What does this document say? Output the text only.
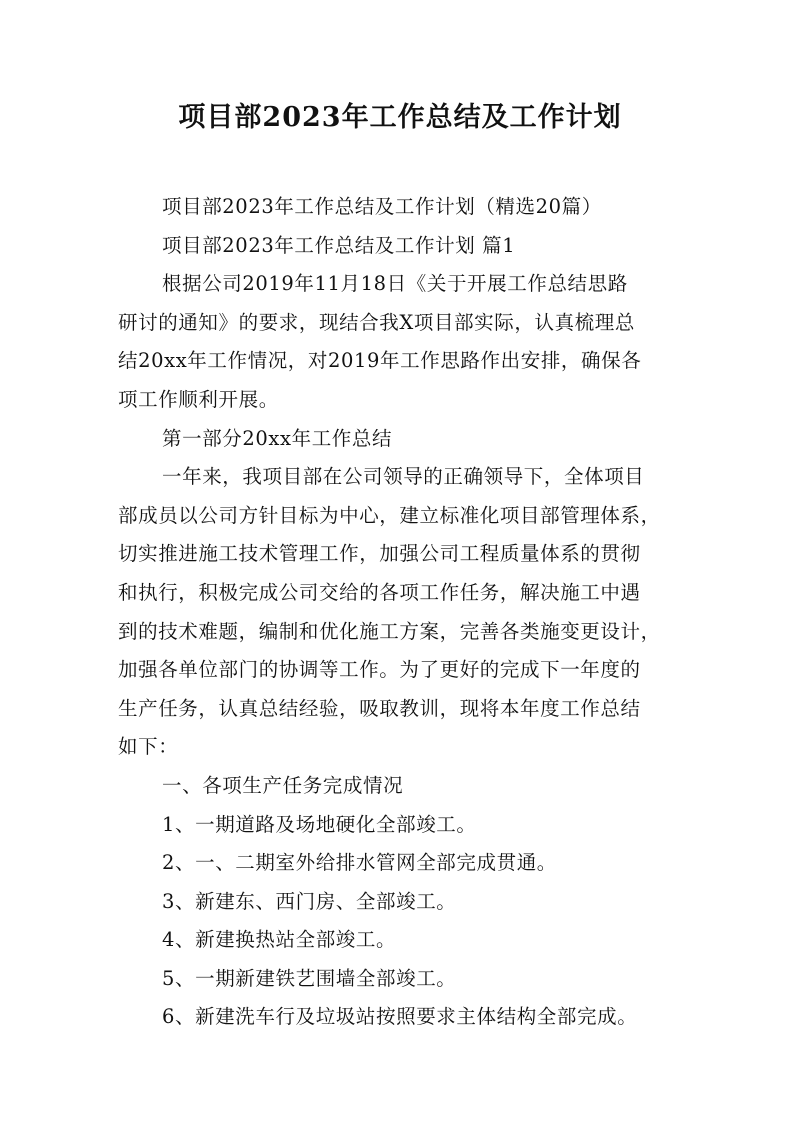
项目部2023年工作总结及工作计划
项目部2023年工作总结及工作计划（精选20篇）
项目部2023年工作总结及工作计划 篇1
根据公司2019年11月18日《关于开展工作总结思路
研讨的通知》的要求，现结合我X项目部实际，认真梳理总
结20xx年工作情况，对2019年工作思路作出安排，确保各
项工作顺利开展。
第一部分20xx年工作总结
一年来，我项目部在公司领导的正确领导下，全体项目
部成员以公司方针目标为中心，建立标准化项目部管理体系，
切实推进施工技术管理工作，加强公司工程质量体系的贯彻
和执行，积极完成公司交给的各项工作任务，解决施工中遇
到的技术难题，编制和优化施工方案，完善各类施变更设计，
加强各单位部门的协调等工作。为了更好的完成下一年度的
生产任务，认真总结经验，吸取教训，现将本年度工作总结
如下：
一、各项生产任务完成情况
1、一期道路及场地硬化全部竣工。
2、一、二期室外给排水管网全部完成贯通。
3、新建东、西门房、全部竣工。
4、新建换热站全部竣工。
5、一期新建铁艺围墙全部竣工。
6、新建洗车行及垃圾站按照要求主体结构全部完成。
